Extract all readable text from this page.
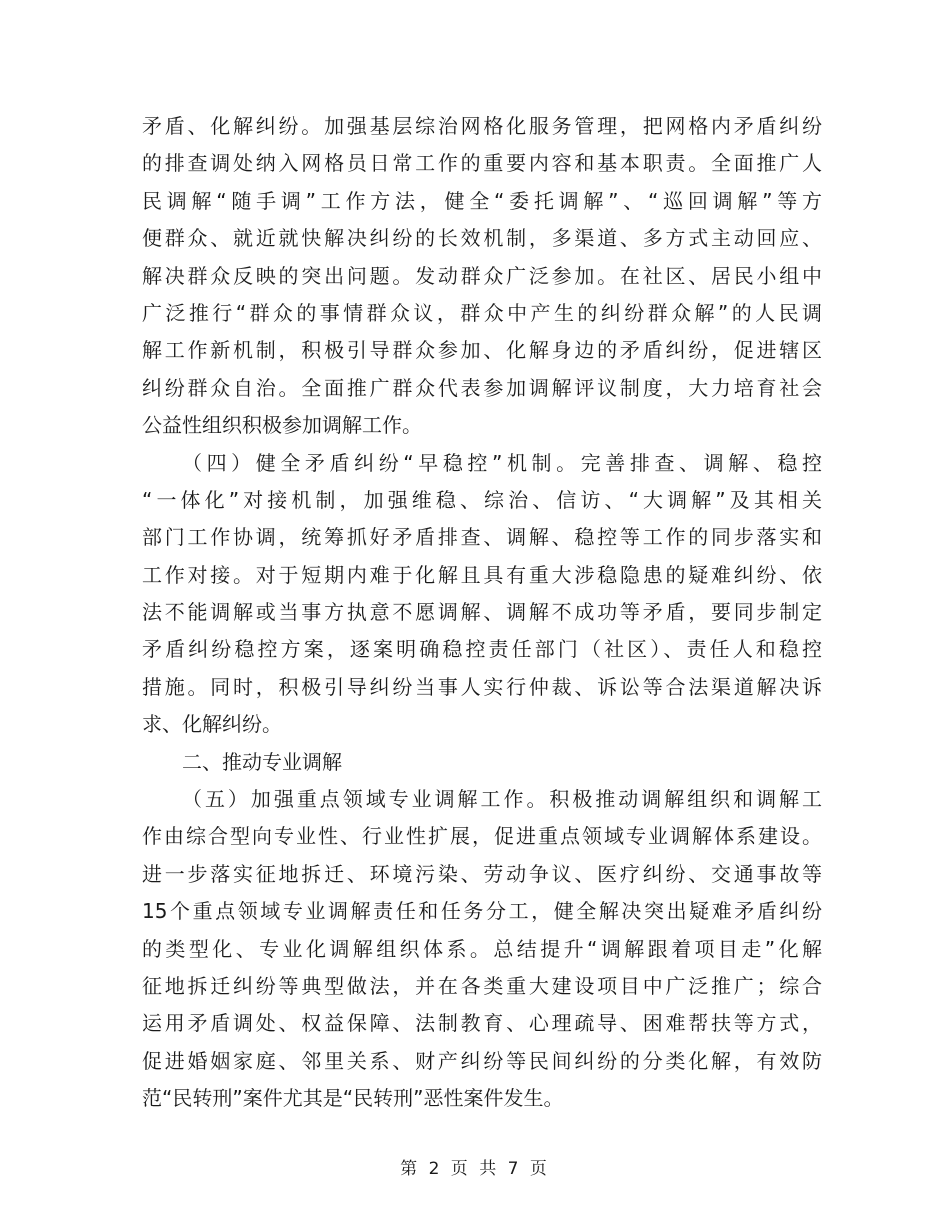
矛盾、化解纠纷。加强基层综治网格化服务管理，把网格内矛盾纠纷
的排查调处纳入网格员日常工作的重要内容和基本职责。全面推广人
民调解“随手调”工作方法，健全“委托调解”、“巡回调解”等方
便群众、就近就快解决纠纷的长效机制，多渠道、多方式主动回应、
解决群众反映的突出问题。发动群众广泛参加。在社区、居民小组中
广泛推行“群众的事情群众议，群众中产生的纠纷群众解”的人民调
解工作新机制，积极引导群众参加、化解身边的矛盾纠纷，促进辖区
纠纷群众自治。全面推广群众代表参加调解评议制度，大力培育社会
公益性组织积极参加调解工作。
（四）健全矛盾纠纷“早稳控”机制。完善排查、调解、稳控
“一体化”对接机制，加强维稳、综治、信访、“大调解”及其相关
部门工作协调，统筹抓好矛盾排查、调解、稳控等工作的同步落实和
工作对接。对于短期内难于化解且具有重大涉稳隐患的疑难纠纷、依
法不能调解或当事方执意不愿调解、调解不成功等矛盾，要同步制定
矛盾纠纷稳控方案，逐案明确稳控责任部门（社区）、责任人和稳控
措施。同时，积极引导纠纷当事人实行仲裁、诉讼等合法渠道解决诉
求、化解纠纷。
二、推动专业调解
（五）加强重点领域专业调解工作。积极推动调解组织和调解工
作由综合型向专业性、行业性扩展，促进重点领域专业调解体系建设。
进一步落实征地拆迁、环境污染、劳动争议、医疗纠纷、交通事故等
15个重点领域专业调解责任和任务分工，健全解决突出疑难矛盾纠纷
的类型化、专业化调解组织体系。总结提升“调解跟着项目走”化解
征地拆迁纠纷等典型做法，并在各类重大建设项目中广泛推广；综合
运用矛盾调处、权益保障、法制教育、心理疏导、困难帮扶等方式，
促进婚姻家庭、邻里关系、财产纠纷等民间纠纷的分类化解，有效防
范“民转刑”案件尤其是“民转刑”恶性案件发生。
第 2 页 共 7 页
